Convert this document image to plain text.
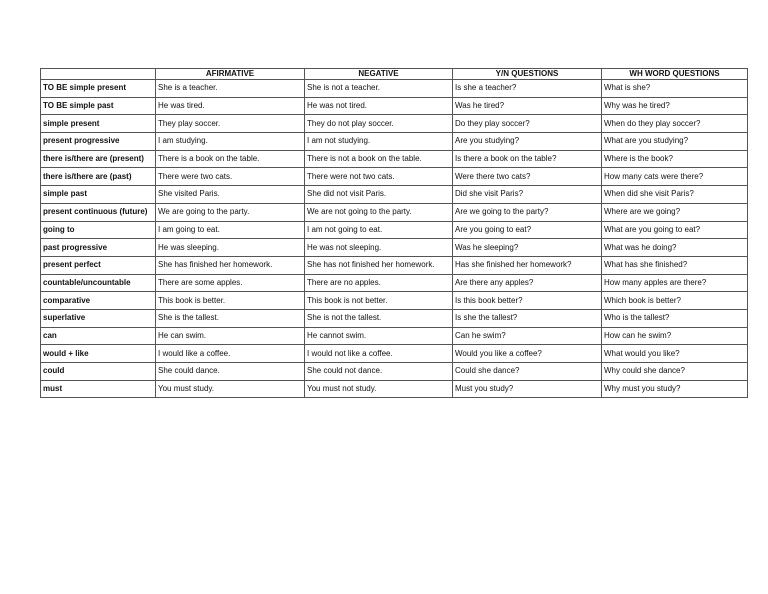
	AFIRMATIVE	NEGATIVE	Y/N QUESTIONS	WH WORD QUESTIONS
TO BE simple present	She is a teacher.	She is not a teacher.	Is she a teacher?	What is she?
TO BE simple past	He was tired.	He was not tired.	Was he tired?	Why was he tired?
simple present	They play soccer.	They do not play soccer.	Do they play soccer?	When do they play soccer?
present progressive	I am studying.	I am not studying.	Are you studying?	What are you studying?
there is/there are (present)	There is a book on the table.	There is not a book on the table.	Is there a book on the table?	Where is the book?
there is/there are (past)	There were two cats.	There were not two cats.	Were there two cats?	How many cats were there?
simple past	She visited Paris.	She did not visit Paris.	Did she visit Paris?	When did she visit Paris?
present continuous (future)	We are going to the party.	We are not going to the party.	Are we going to the party?	Where are we going?
going to	I am going to eat.	I am not going to eat.	Are you going to eat?	What are you going to eat?
past progressive	He was sleeping.	He was not sleeping.	Was he sleeping?	What was he doing?
present perfect	She has finished her homework.	She has not finished her homework.	Has she finished her homework?	What has she finished?
countable/uncountable	There are some apples.	There are no apples.	Are there any apples?	How many apples are there?
comparative	This book is better.	This book is not better.	Is this book better?	Which book is better?
superlative	She is the tallest.	She is not the tallest.	Is she the tallest?	Who is the tallest?
can	He can swim.	He cannot swim.	Can he swim?	How can he swim?
would + like	I would like a coffee.	I would not like a coffee.	Would you like a coffee?	What would you like?
could	She could dance.	She could not dance.	Could she dance?	Why could she dance?
must	You must study.	You must not study.	Must you study?	Why must you study?
